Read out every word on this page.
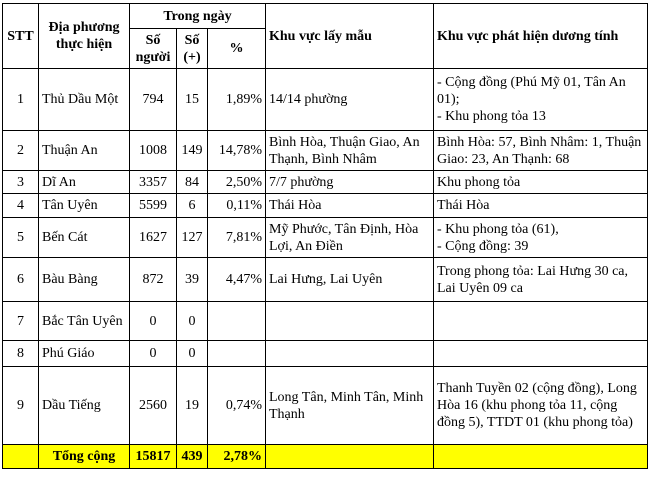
STT	Địa phương thực hiện	Trong ngày			Khu vực lấy mẫu	Khu vực phát hiện dương tính
		Số người	Số (+)	%		
1	Thủ Dầu Một	794	15	1,89%	14/14 phường	- Cộng đồng (Phú Mỹ 01, Tân An 01);
- Khu phong tỏa 13
2	Thuận An	1008	149	14,78%	Bình Hòa, Thuận Giao, An Thạnh, Bình Nhâm	Bình Hòa: 57, Bình Nhâm: 1, Thuận Giao: 23, An Thạnh: 68
3	Dĩ An	3357	84	2,50%	7/7 phường	Khu phong tỏa
4	Tân Uyên	5599	6	0,11%	Thái Hòa	Thái Hòa
5	Bến Cát	1627	127	7,81%	Mỹ Phước, Tân Định, Hòa Lợi, An Điền	- Khu phong tỏa (61),
- Cộng đồng: 39
6	Bàu Bàng	872	39	4,47%	Lai Hưng, Lai Uyên	Trong phong tỏa: Lai Hưng 30 ca, Lai Uyên 09 ca
7	Bắc Tân Uyên	0	0			
8	Phú Giáo	0	0			
9	Dầu Tiếng	2560	19	0,74%	Long Tân, Minh Tân, Minh Thạnh	Thanh Tuyền 02 (cộng đồng), Long Hòa 16 (khu phong tỏa 11, cộng đồng 5), TTDT 01 (khu phong tỏa)
	Tổng cộng	15817	439	2,78%		
